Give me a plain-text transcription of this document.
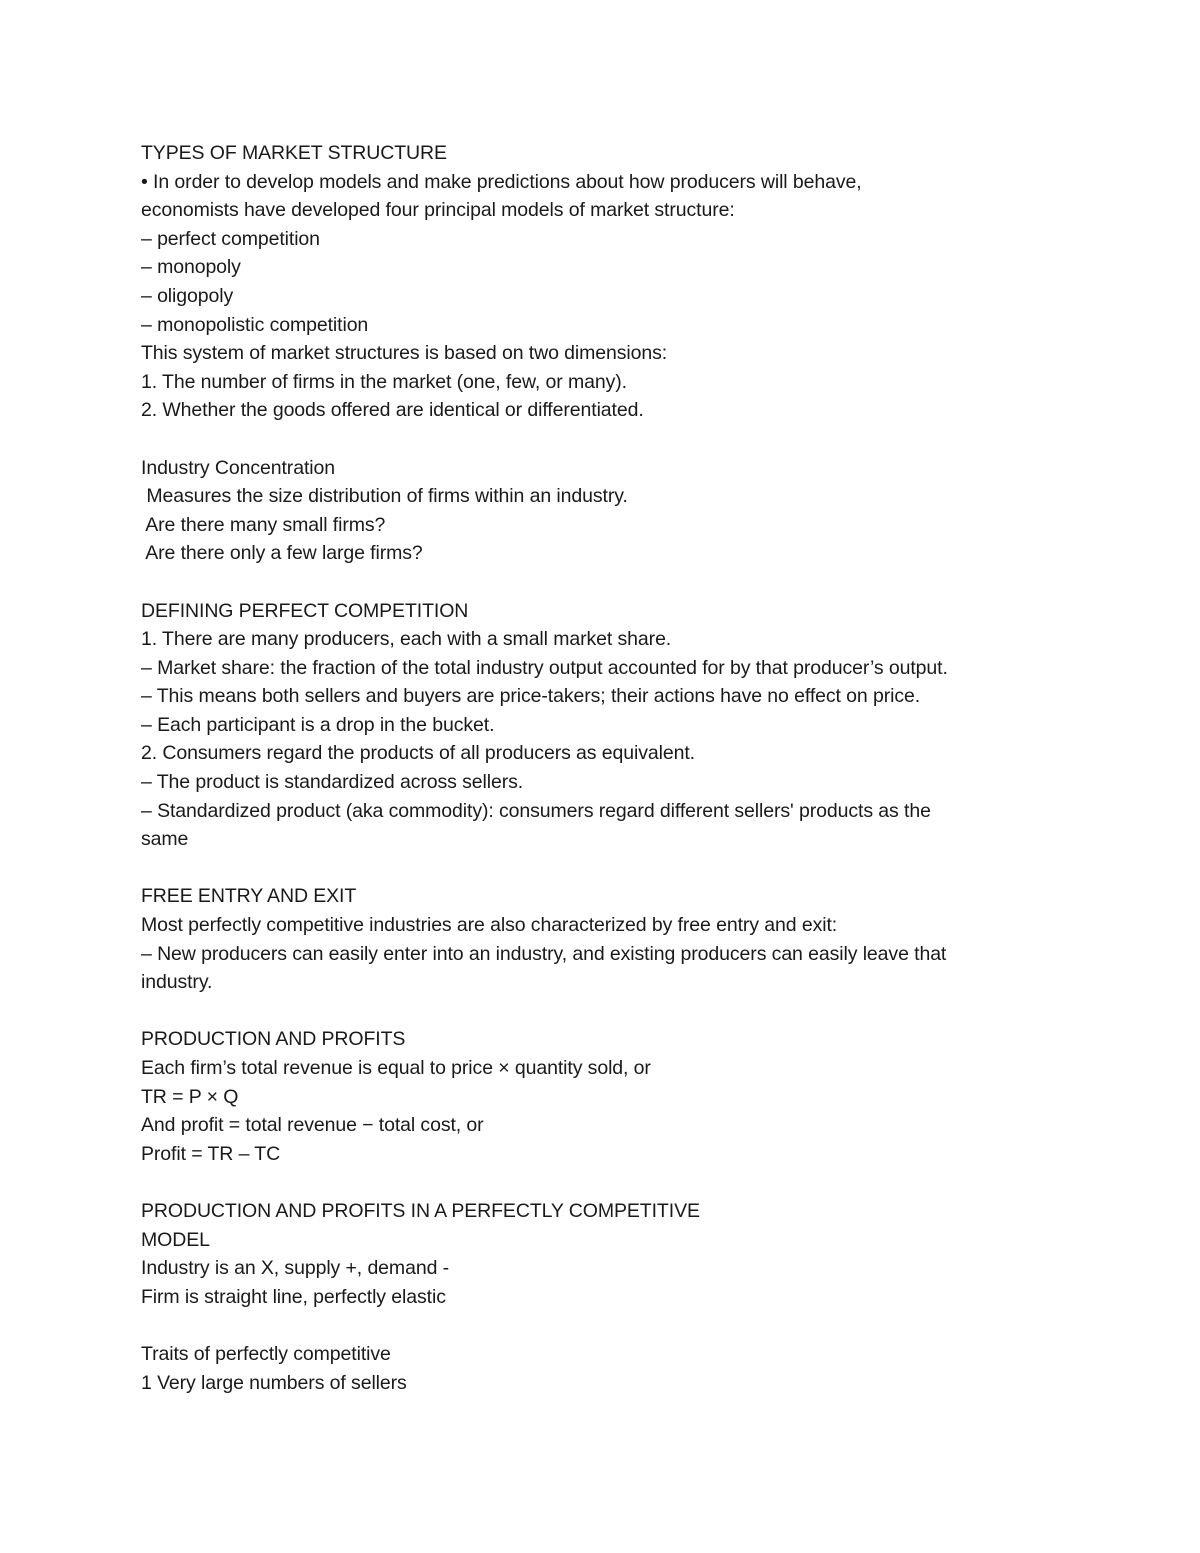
TYPES OF MARKET STRUCTURE
• In order to develop models and make predictions about how producers will behave,
economists have developed four principal models of market structure:
– perfect competition
– monopoly
– oligopoly
– monopolistic competition
This system of market structures is based on two dimensions:
1. The number of firms in the market (one, few, or many).
2. Whether the goods offered are identical or differentiated.
Industry Concentration
Measures the size distribution of firms within an industry.
Are there many small firms?
Are there only a few large firms?
DEFINING PERFECT COMPETITION
1. There are many producers, each with a small market share.
– Market share: the fraction of the total industry output accounted for by that producer’s output.
– This means both sellers and buyers are price-takers; their actions have no effect on price.
– Each participant is a drop in the bucket.
2. Consumers regard the products of all producers as equivalent.
– The product is standardized across sellers.
– Standardized product (aka commodity): consumers regard different sellers' products as the
same
FREE ENTRY AND EXIT
Most perfectly competitive industries are also characterized by free entry and exit:
– New producers can easily enter into an industry, and existing producers can easily leave that
industry.
PRODUCTION AND PROFITS
Each firm’s total revenue is equal to price × quantity sold, or
TR = P × Q
And profit = total revenue − total cost, or
Profit = TR – TC
PRODUCTION AND PROFITS IN A PERFECTLY COMPETITIVE
MODEL
Industry is an X, supply +, demand -
Firm is straight line, perfectly elastic
Traits of perfectly competitive
1 Very large numbers of sellers
